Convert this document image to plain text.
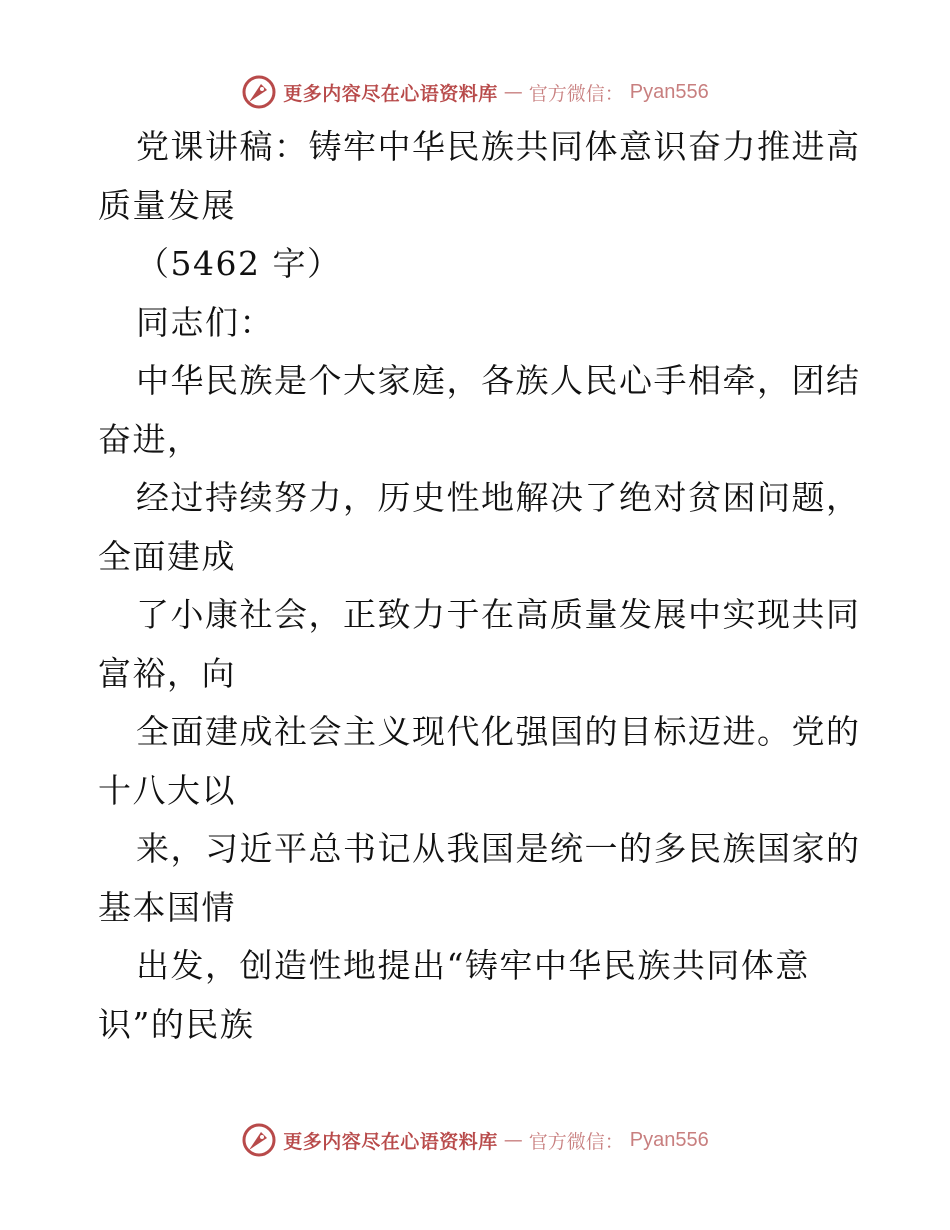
更多内容尽在心语资料库 — 官方微信： Pyan556
党课讲稿：铸牢中华民族共同体意识奋力推进高
质量发展
（5462 字）
同志们：
中华民族是个大家庭，各族人民心手相牵，团结
奋进，
经过持续努力，历史性地解决了绝对贫困问题，
全面建成
了小康社会，正致力于在高质量发展中实现共同
富裕，向
全面建成社会主义现代化强国的目标迈进。党的
十八大以
来，习近平总书记从我国是统一的多民族国家的
基本国情
出发，创造性地提出“铸牢中华民族共同体意
识”的民族
更多内容尽在心语资料库 — 官方微信： Pyan556
